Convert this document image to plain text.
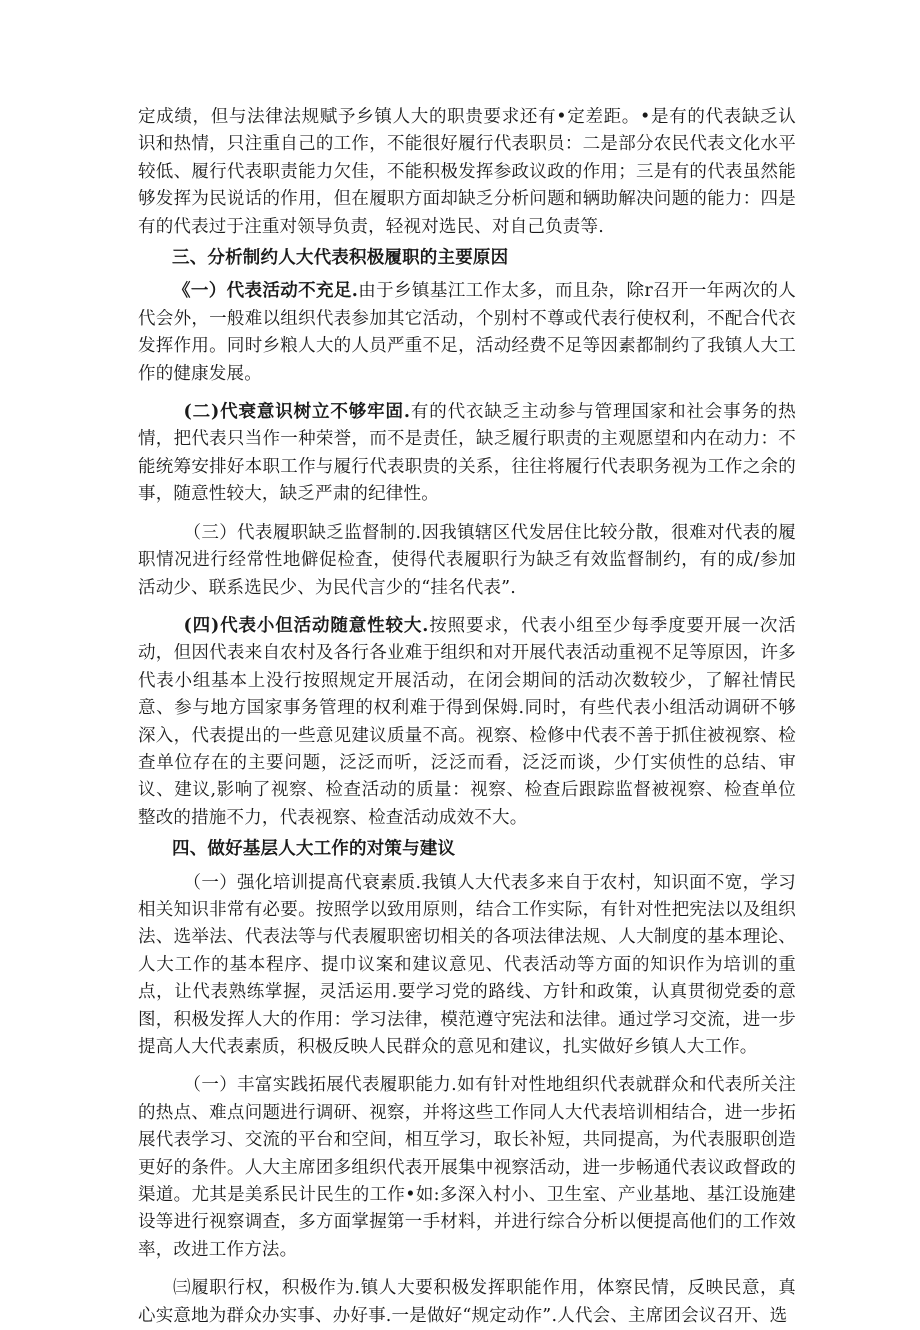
定成绩，但与法律法规赋予乡镇人大的职贵要求还有•定差距。•是有的代表缺乏认识和热情，只注重自己的工作，不能很好履行代表职员：二是部分农民代表文化水平较低、履行代表职责能力欠佳，不能积极发挥参政议政的作用；三是有的代表虽然能够发挥为民说话的作用，但在履职方面却缺乏分析问题和辆助解决问题的能力：四是有的代表过于注重对领导负责，轻视对选民、对自己负责等.

三、分析制约人大代表积极履职的主要原因

《一）代表活动不充足.由于乡镇基江工作太多，而且杂，除r召开一年两次的人代会外，一般难以组织代表参加其它活动，个别村不尊或代表行使权利，不配合代衣发挥作用。同时乡粮人大的人员严重不足，活动经费不足等因素都制约了我镇人大工作的健康发展。

(二)代衰意识树立不够牢固.有的代衣缺乏主动参与管理国家和社会事务的热情，把代表只当作一种荣誉，而不是责任，缺乏履行职责的主观愿望和内在动力：不能统筹安排好本职工作与履行代表职贵的关系，往往将履行代表职务视为工作之余的事，随意性较大，缺乏严肃的纪律性。

（三）代表履职缺乏监督制的.因我镇辖区代发居住比较分散，很难对代表的履职情况进行经常性地僻促检査，使得代表履职行为缺乏有效监督制约，有的成/参加活动少、联系选民少、为民代言少的“挂名代表”.

(四)代表小但活动随意性较大.按照要求，代表小组至少每季度要开展一次活动，但因代表来自农村及各行各业难于组织和对开展代表活动重视不足等原因，许多代表小组基本上没行按照规定开展活动，在闭会期间的活动次数较少，了解社情民意、参与地方国家事务管理的权利难于得到保姆.同时，有些代表小组活动调研不够深入，代表提出的一些意见建议质量不高。视察、检修中代表不善于抓住被视察、检查单位存在的主要问题，泛泛而听，泛泛而看，泛泛而谈，少仃实侦性的总结、审议、建议,影响了视察、检查活动的质量：视察、检查后跟踪监督被视察、检查单位整改的措施不力，代表视察、检查活动成效不大。

四、做好基层人大工作的对策与建议

（一）强化培训提髙代衰素质.我镇人大代表多来自于农村，知识面不宽，学习相关知识非常有必要。按照学以致用原则，结合工作实际，有针对性把宪法以及组织法、选举法、代表法等与代表履职密切相关的各项法律法规、人大制度的基本理论、人大工作的基本程序、提巾议案和建议意见、代表活动等方面的知识作为培训的重点，让代表熟练掌握，灵活运用.要学习党的路线、方针和政策，认真贯彻党委的意图，积极发挥人大的作用：学习法律，模范遵守宪法和法律。通过学习交流，进一步提高人大代表素质，积极反映人民群众的意见和建议，扎实做好乡镇人大工作。

（一）丰富实践拓展代表履职能力.如有针对性地组织代表就群众和代表所关注的热点、难点问题进行调研、视察，并将这些工作同人大代表培训相结合，进一步拓展代表学习、交流的平台和空间，相互学习，取长补短，共同提高，为代表服职创造更好的条件。人大主席团多组织代表开展集中视察活动，进一步畅通代表议政督政的渠道。尤其是美系民计民生的工作•如:多深入村小、卫生室、产业基地、基江设施建设等进行视察调查，多方面掌握第一手材料，并进行综合分析以便提高他们的工作效率，改进工作方法。

㈢履职行权，积极作为.镇人大要积极发挥职能作用，体察民情，反映民意，真心实意地为群众办实事、办好事.一是做好“规定动作”.人代会、主席团会议召开、选
